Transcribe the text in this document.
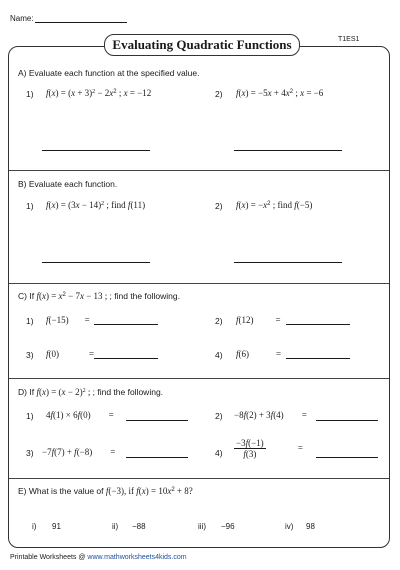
Name:
T1ES1
Evaluating Quadratic Functions
A) Evaluate each function at the specified value.
1) $f(x) = (x + 3)^2 - 2x^2$ ; x = −12	2) $f(x) = -5x + 4x^2$ ; x = −6
B) Evaluate each function.
1) $f(x) = (3x - 14)^2$ ; find f(11)	2) $f(x) = -x^2$ ; find f(−5)
C) If $f(x) = x^2 - 7x - 13$ ; ; find the following.
1) f(−15) =	2) f(12) =
3) f(0)	=	4) f(6)	=
D) If $f(x) = (x - 2)^2$ ; ; find the following.
1) 4f(1) × 6f(0) =	2) −8f(2) + 3f(4) =
3) −7f(7) + f(−8) =	$4) \frac{-3f(-1)}{f(3)}$	=
E) What is the value of f(−3), if $f(x) = 10x^2 + 8$?
i) 91	ii) −88	iii) −96	iv) 98
Printable Worksheets @ www.mathworksheets4kids.com
